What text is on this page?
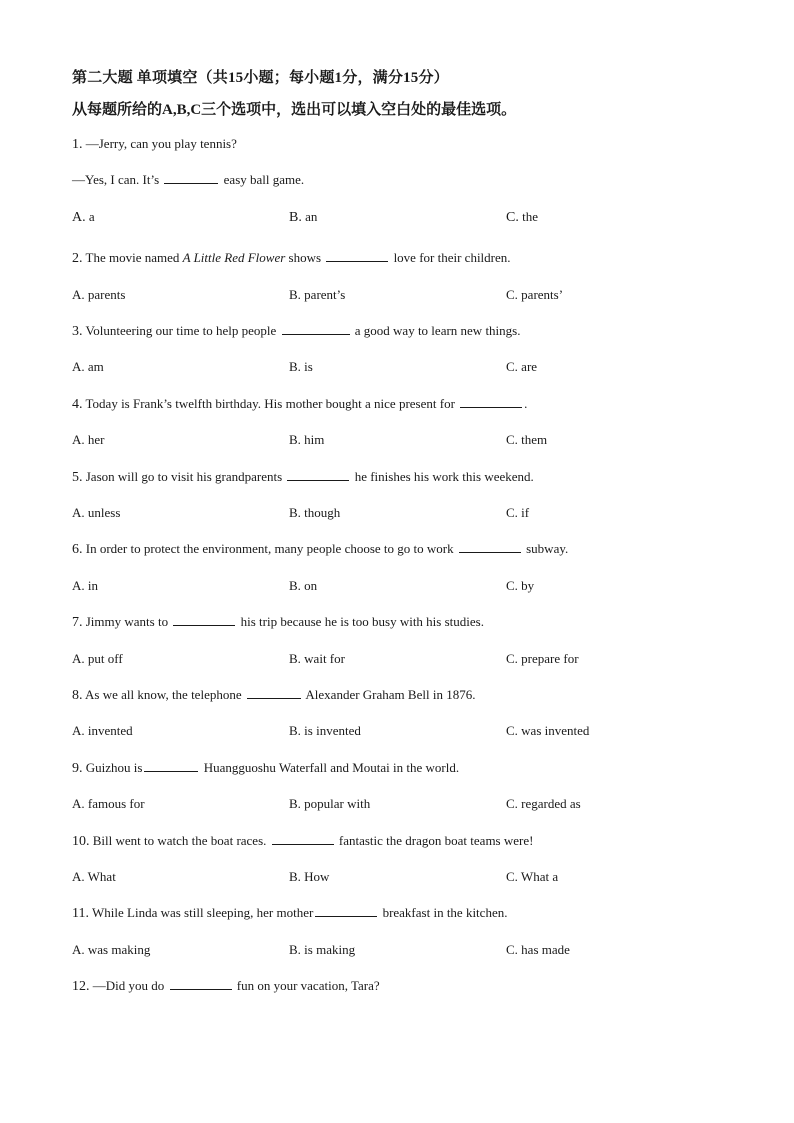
第二大题 单项填空（共15小题；每小题1分，满分15分）
从每题所给的A,B,C三个选项中，选出可以填入空白处的最佳选项。
1. —Jerry, can you play tennis?
—Yes, I can. It’s	easy ball game.
A. a	B. an	C. the
2. The movie named A Little Red Flower shows	love for their children.
A. parents	B. parent’s	C. parents’
3. Volunteering our time to help people	a good way to learn new things.
A. am	B. is	C. are
4. Today is Frank’s twelfth birthday. His mother bought a nice present for	.
A. her	B. him	C. them
5. Jason will go to visit his grandparents	he finishes his work this weekend.
A. unless	B. though	C. if
6. In order to protect the environment, many people choose to go to work	subway.
A. in	B. on	C. by
7. Jimmy wants to	his trip because he is too busy with his studies.
A. put off	B. wait for	C. prepare for
8. As we all know, the telephone	Alexander Graham Bell in 1876.
A. invented	B. is invented	C. was invented
9. Guizhou is	Huangguoshu Waterfall and Moutai in the world.
A. famous for	B. popular with	C. regarded as
10. Bill went to watch the boat races.	fantastic the dragon boat teams were!
A. What	B. How	C. What a
11. While Linda was still sleeping, her mother	breakfast in the kitchen.
A. was making	B. is making	C. has made
12. —Did you do	fun on your vacation, Tara?
